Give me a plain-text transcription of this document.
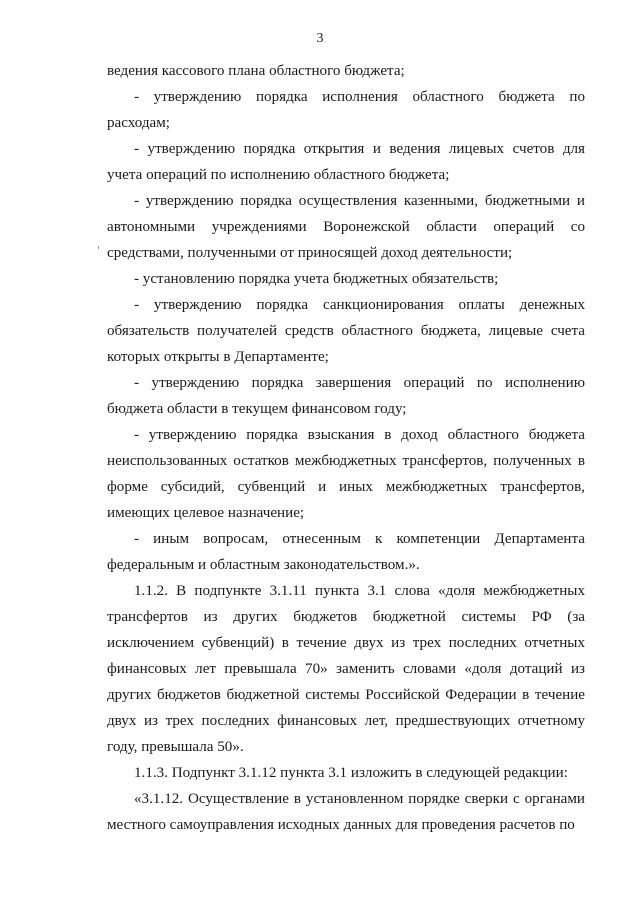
3

ведения кассового плана областного бюджета;

- утверждению порядка исполнения областного бюджета по расходам;

- утверждению порядка открытия и ведения лицевых счетов для учета операций по исполнению областного бюджета;

- утверждению порядка осуществления казенными, бюджетными и автономными учреждениями Воронежской области операций со средствами, полученными от приносящей доход деятельности;

- установлению порядка учета бюджетных обязательств;

- утверждению порядка санкционирования оплаты денежных обязательств получателей средств областного бюджета, лицевые счета которых открыты в Департаменте;

- утверждению порядка завершения операций по исполнению бюджета области в текущем финансовом году;

- утверждению порядка взыскания в доход областного бюджета неиспользованных остатков межбюджетных трансфертов, полученных в форме субсидий, субвенций и иных межбюджетных трансфертов, имеющих целевое назначение;

- иным вопросам, отнесенным к компетенции Департамента федеральным и областным законодательством.».

1.1.2. В подпункте 3.1.11 пункта 3.1 слова «доля межбюджетных трансфертов из других бюджетов бюджетной системы РФ (за исключением субвенций) в течение двух из трех последних отчетных финансовых лет превышала 70» заменить словами «доля дотаций из других бюджетов бюджетной системы Российской Федерации в течение двух из трех последних финансовых лет, предшествующих отчетному году, превышала 50».

1.1.3. Подпункт 3.1.12 пункта 3.1 изложить в следующей редакции:

«3.1.12. Осуществление в установленном порядке сверки с органами местного самоуправления исходных данных для проведения расчетов по
